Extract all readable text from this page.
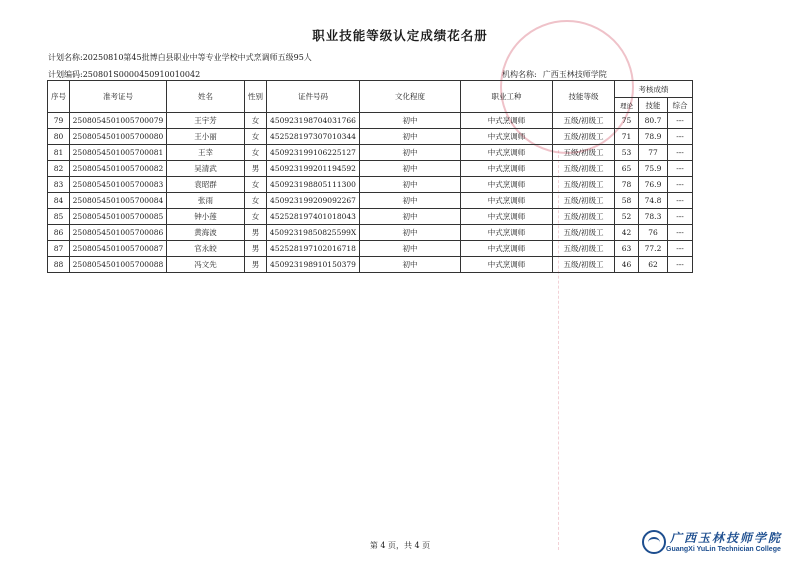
职业技能等级认定成绩花名册
计划名称:20250810第45批博白县职业中等专业学校中式烹调师五级95人
计划编码:250801S0000450910010042	机构名称: 广西玉林技师学院
序号	准考证号	姓名	性别	证件号码	文化程度	职业工种	技能等级	考核成绩		
								理论	技能	综合
79	2508054501005700079	王宇芳	女	450923198704031766	初中	中式烹调师	五级/初级工	75	80.7	---
80	2508054501005700080	王小丽	女	452528197307010344	初中	中式烹调师	五级/初级工	71	78.9	---
81	2508054501005700081	王幸	女	450923199106225127	初中	中式烹调师	五级/初级工	53	77	---
82	2508054501005700082	吴清武	男	450923199201194592	初中	中式烹调师	五级/初级工	65	75.9	---
83	2508054501005700083	袁昭群	女	450923198805111300	初中	中式烹调师	五级/初级工	78	76.9	---
84	2508054501005700084	张雨	女	450923199209092267	初中	中式烹调师	五级/初级工	58	74.8	---
85	2508054501005700085	钟小莲	女	452528197401018043	初中	中式烹调师	五级/初级工	52	78.3	---
86	2508054501005700086	黄海波	男	45092319850825599X	初中	中式烹调师	五级/初级工	42	76	---
87	2508054501005700087	官永皎	男	452528197102016718	初中	中式烹调师	五级/初级工	63	77.2	---
88	2508054501005700088	冯文先	男	450923198910150379	初中	中式烹调师	五级/初级工	46	62	---
第 4 页，共 4 页
广西玉林技师学院
GuangXi YuLin Technician College
